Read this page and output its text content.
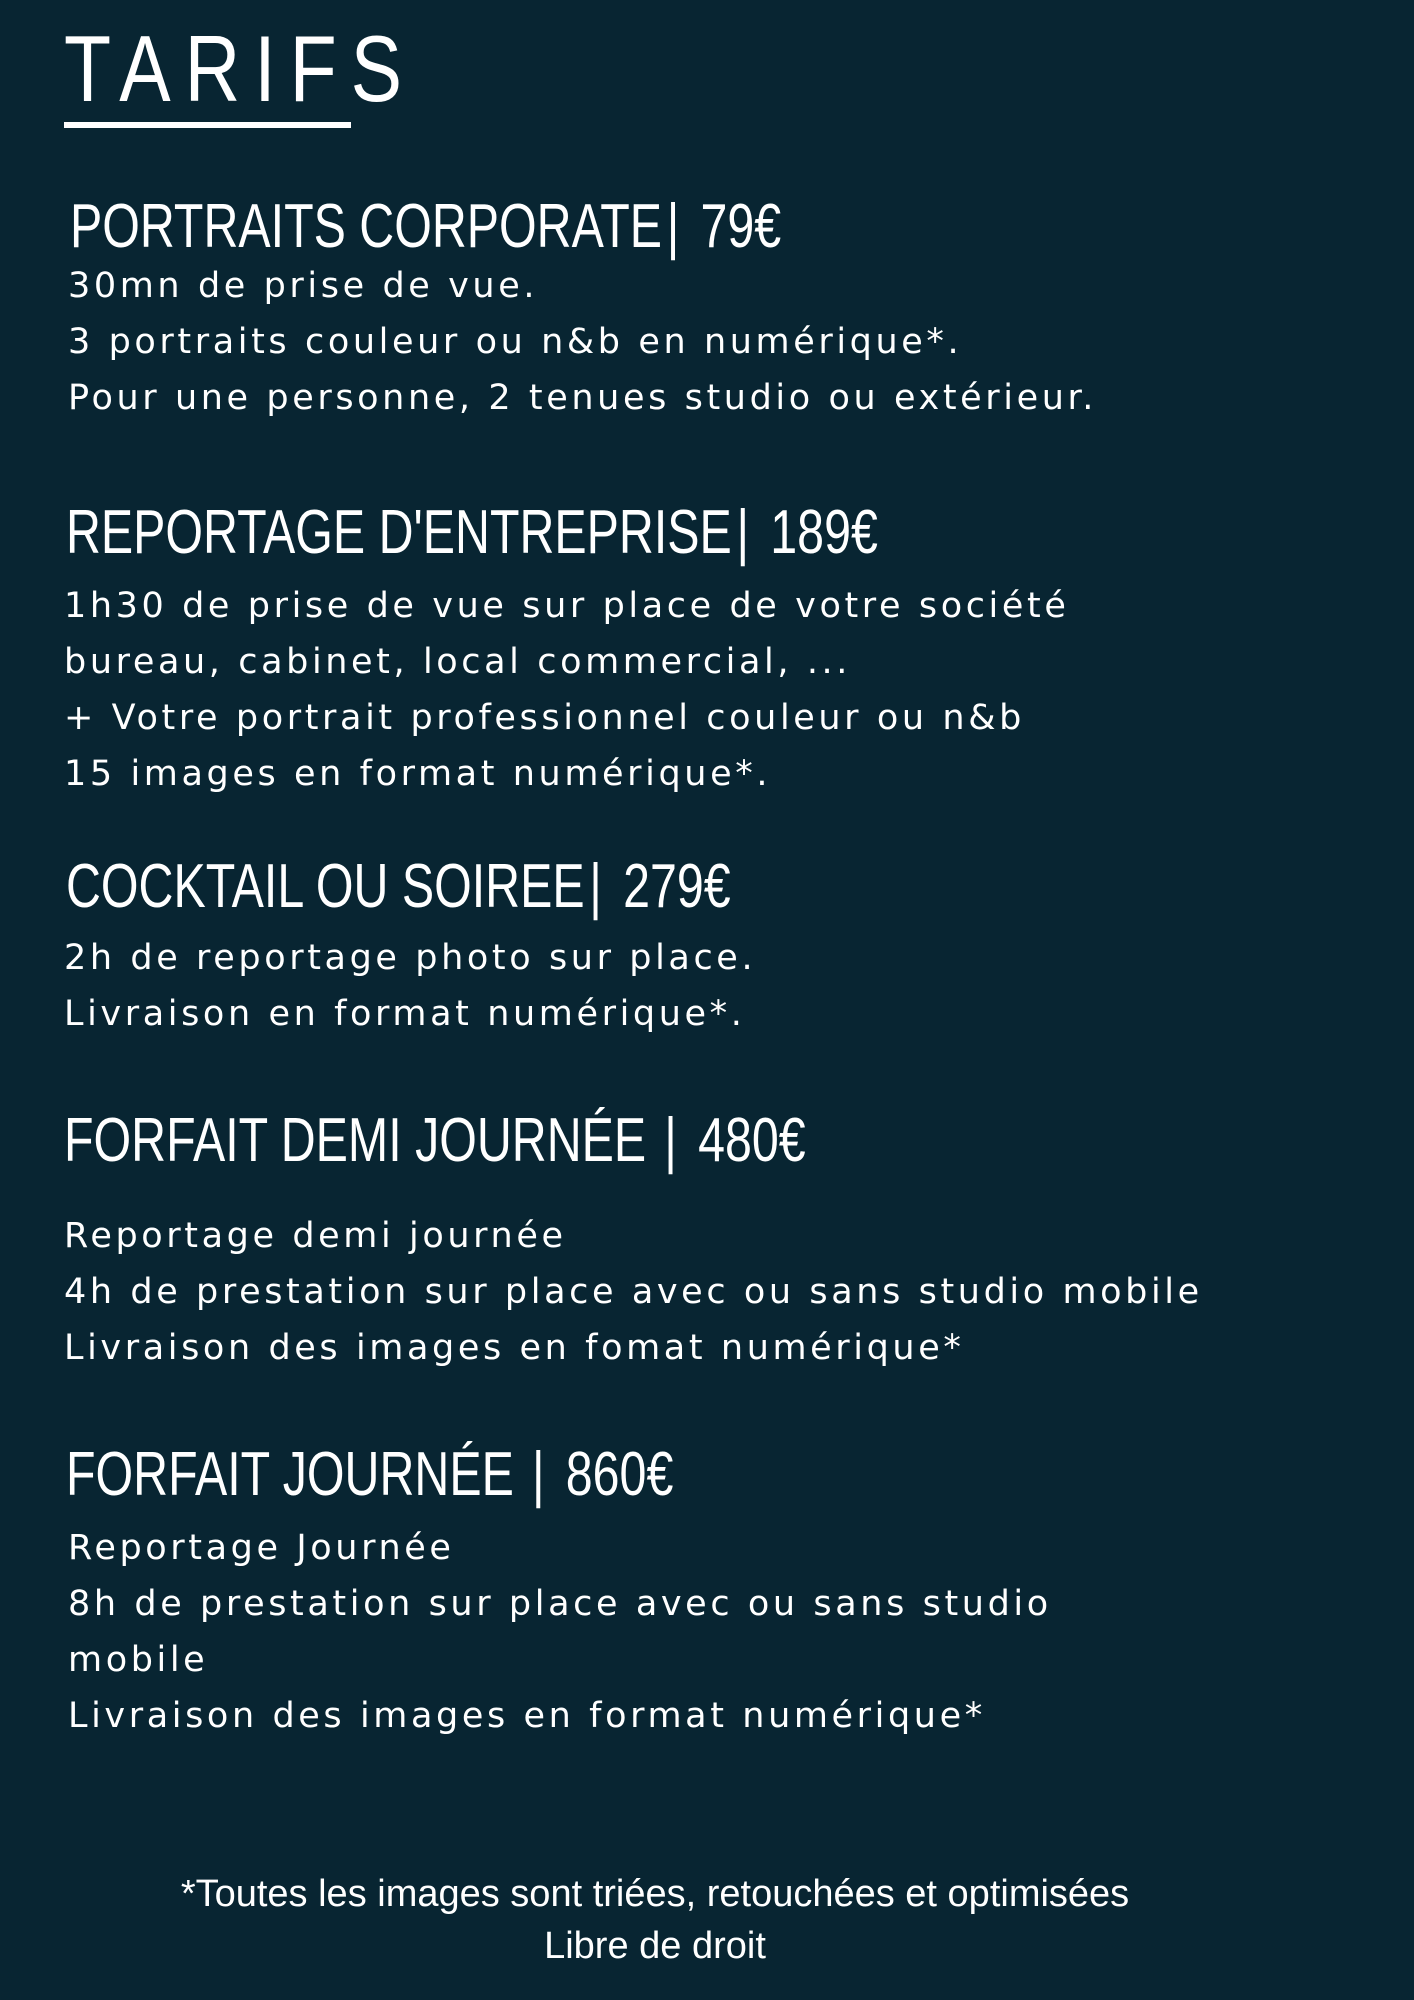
TARIFS
PORTRAITS CORPORATE| 79€
30mn de prise de vue.
3 portraits couleur ou n&b en numérique*.
Pour une personne, 2 tenues studio ou extérieur.
REPORTAGE D'ENTREPRISE| 189€
1h30 de prise de vue sur place de votre société
bureau, cabinet, local commercial, ...
+ Votre portrait professionnel couleur ou n&b
15 images en format numérique*.
COCKTAIL OU SOIREE| 279€
2h de reportage photo sur place.
Livraison en format numérique*.
FORFAIT DEMI JOURNÉE | 480€
Reportage demi journée
4h de prestation sur place avec ou sans studio mobile
Livraison des images en fomat numérique*
FORFAIT JOURNÉE | 860€
Reportage Journée
8h de prestation sur place avec ou sans studio
mobile
Livraison des images en format numérique*
*Toutes les images sont triées, retouchées et optimisées
Libre de droit
